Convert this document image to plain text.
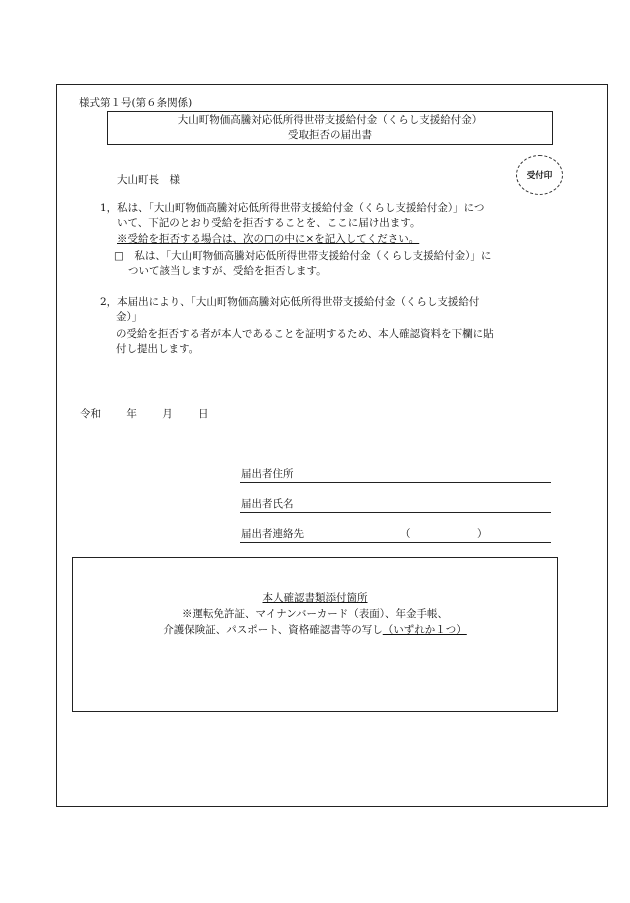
様式第１号(第６条関係)
大山町物価高騰対応低所得世帯支援給付金（くらし支援給付金）
受取拒否の届出書
受付印
大山町長　様
1，私は、「大山町物価高騰対応低所得世帯支援給付金（くらし支援給付金）」につ
いて、下記のとおり受給を拒否することを、ここに届け出ます。
※受給を拒否する場合は、次の□の中に×を記入してください。
□　私は、「大山町物価高騰対応低所得世帯支援給付金（くらし支援給付金）」に
ついて該当しますが、受給を拒否します。
2，本届出により、「大山町物価高騰対応低所得世帯支援給付金（くらし支援給付
金）」
の受給を拒否する者が本人であることを証明するため、本人確認資料を下欄に貼
付し提出します。
令和 年 月 日
届出者住所
届出者氏名
届出者連絡先	（	）
本人確認書類添付箇所
※運転免許証、マイナンバーカード（表面）、年金手帳、
介護保険証、パスポート、資格確認書等の写し（いずれか１つ）
